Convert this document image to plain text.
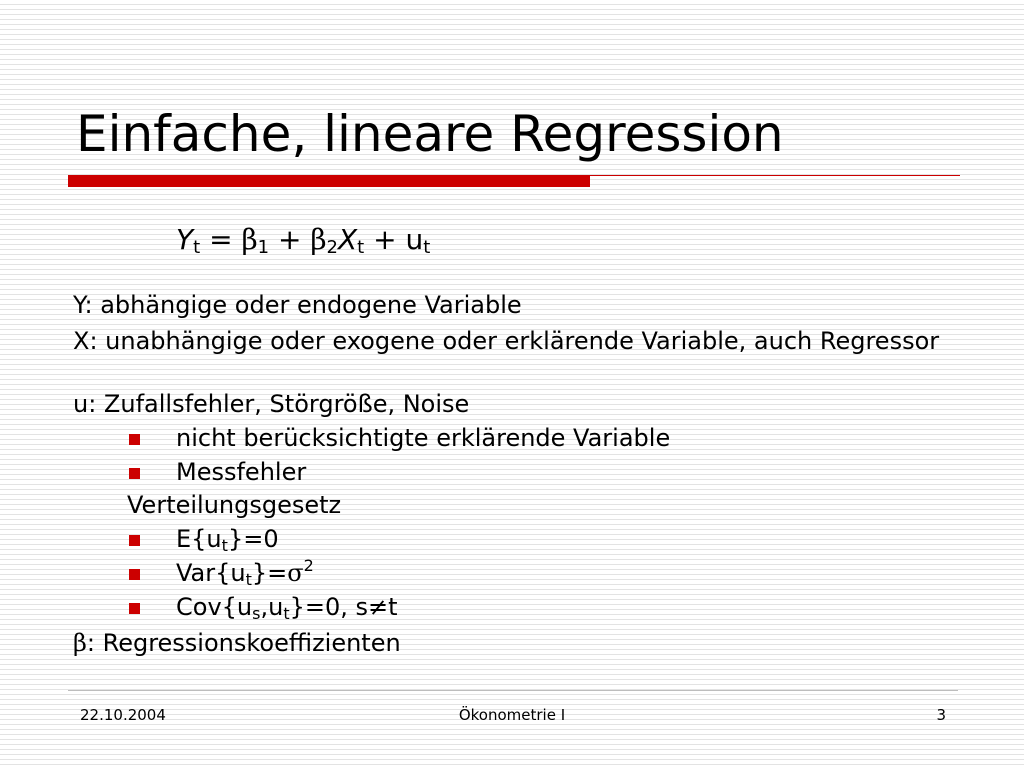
Einfache, lineare Regression
$Y_t = \beta_1 + \beta_2X_t + u_t$
Y: abhängige oder endogene Variable
X: unabhängige oder exogene oder erklärende Variable, auch Regressor
u: Zufallsfehler, Störgröße, Noise
nicht berücksichtigte erklärende Variable
Messfehler
Verteilungsgesetz
$E\{u_t\}=0$
$Var\{u_t\}=\sigma^2$
$Cov\{u_s,u_t\}=0$, s≠t
β: Regressionskoeffizienten
22.10.2004	Ökonometrie I	3
